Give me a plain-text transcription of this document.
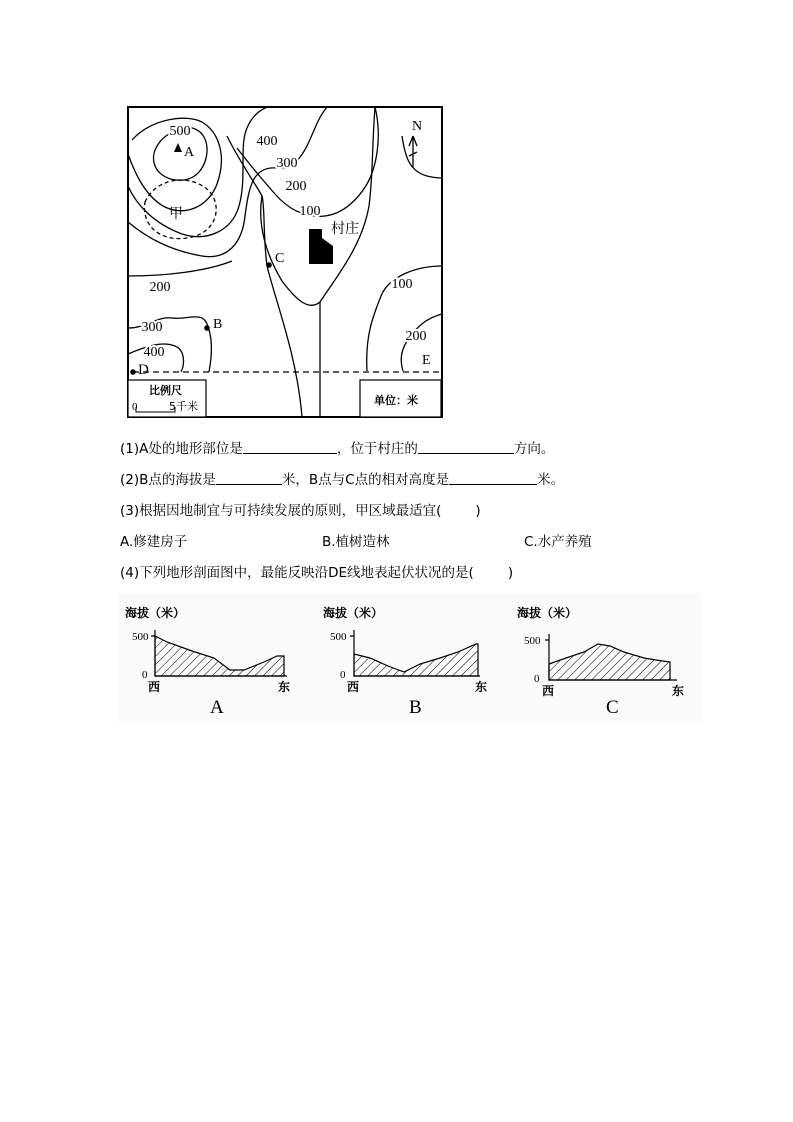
村庄
500
400
300
200
100
200
300
400
100
200
A
甲
C
B
D
E
N
比例尺
0	5千米	单位：米
(1)A处的地形部位是	，位于村庄的	方向。
(2)B点的海拔是	米，B点与C点的相对高度是	米。
(3)根据因地制宜与可持续发展的原则，甲区域最适宜(	)
A.修建房子	B.植树造林	C.水产养殖
(4)下列地形剖面图中，最能反映沿DE线地表起伏状况的是(	)
海拔（米）
500
0
西	东
A
海拔（米）
500
0
西	东
B
海拔（米）
500
0
西	东
C
